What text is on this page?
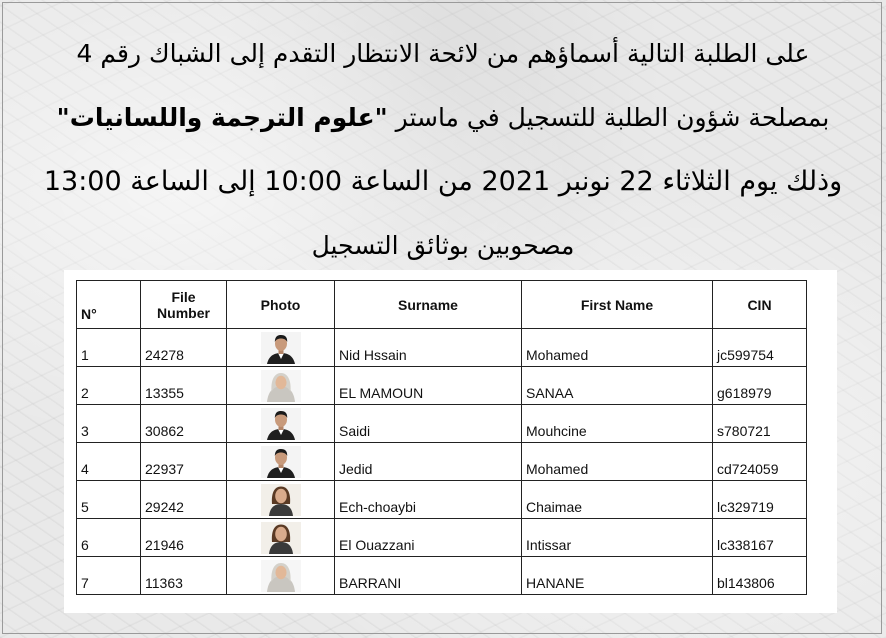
على الطلبة التالية أسماؤهم من لائحة الانتظار التقدم إلى الشباك رقم 4
بمصلحة شؤون الطلبة للتسجيل في ماستر "علوم الترجمة واللسانيات"
وذلك يوم الثلاثاء 22 نونبر 2021 من الساعة 10:00 إلى الساعة 13:00
مصحوبين بوثائق التسجيل
N°	File Number	Photo	Surname	First Name	CIN
1	24278		Nid Hssain	Mohamed	jc599754
2	13355		EL MAMOUN	SANAA	g618979
3	30862		Saidi	Mouhcine	s780721
4	22937		Jedid	Mohamed	cd724059
5	29242		Ech-choaybi	Chaimae	lc329719
6	21946		El Ouazzani	Intissar	lc338167
7	11363		BARRANI	HANANE	bl143806
